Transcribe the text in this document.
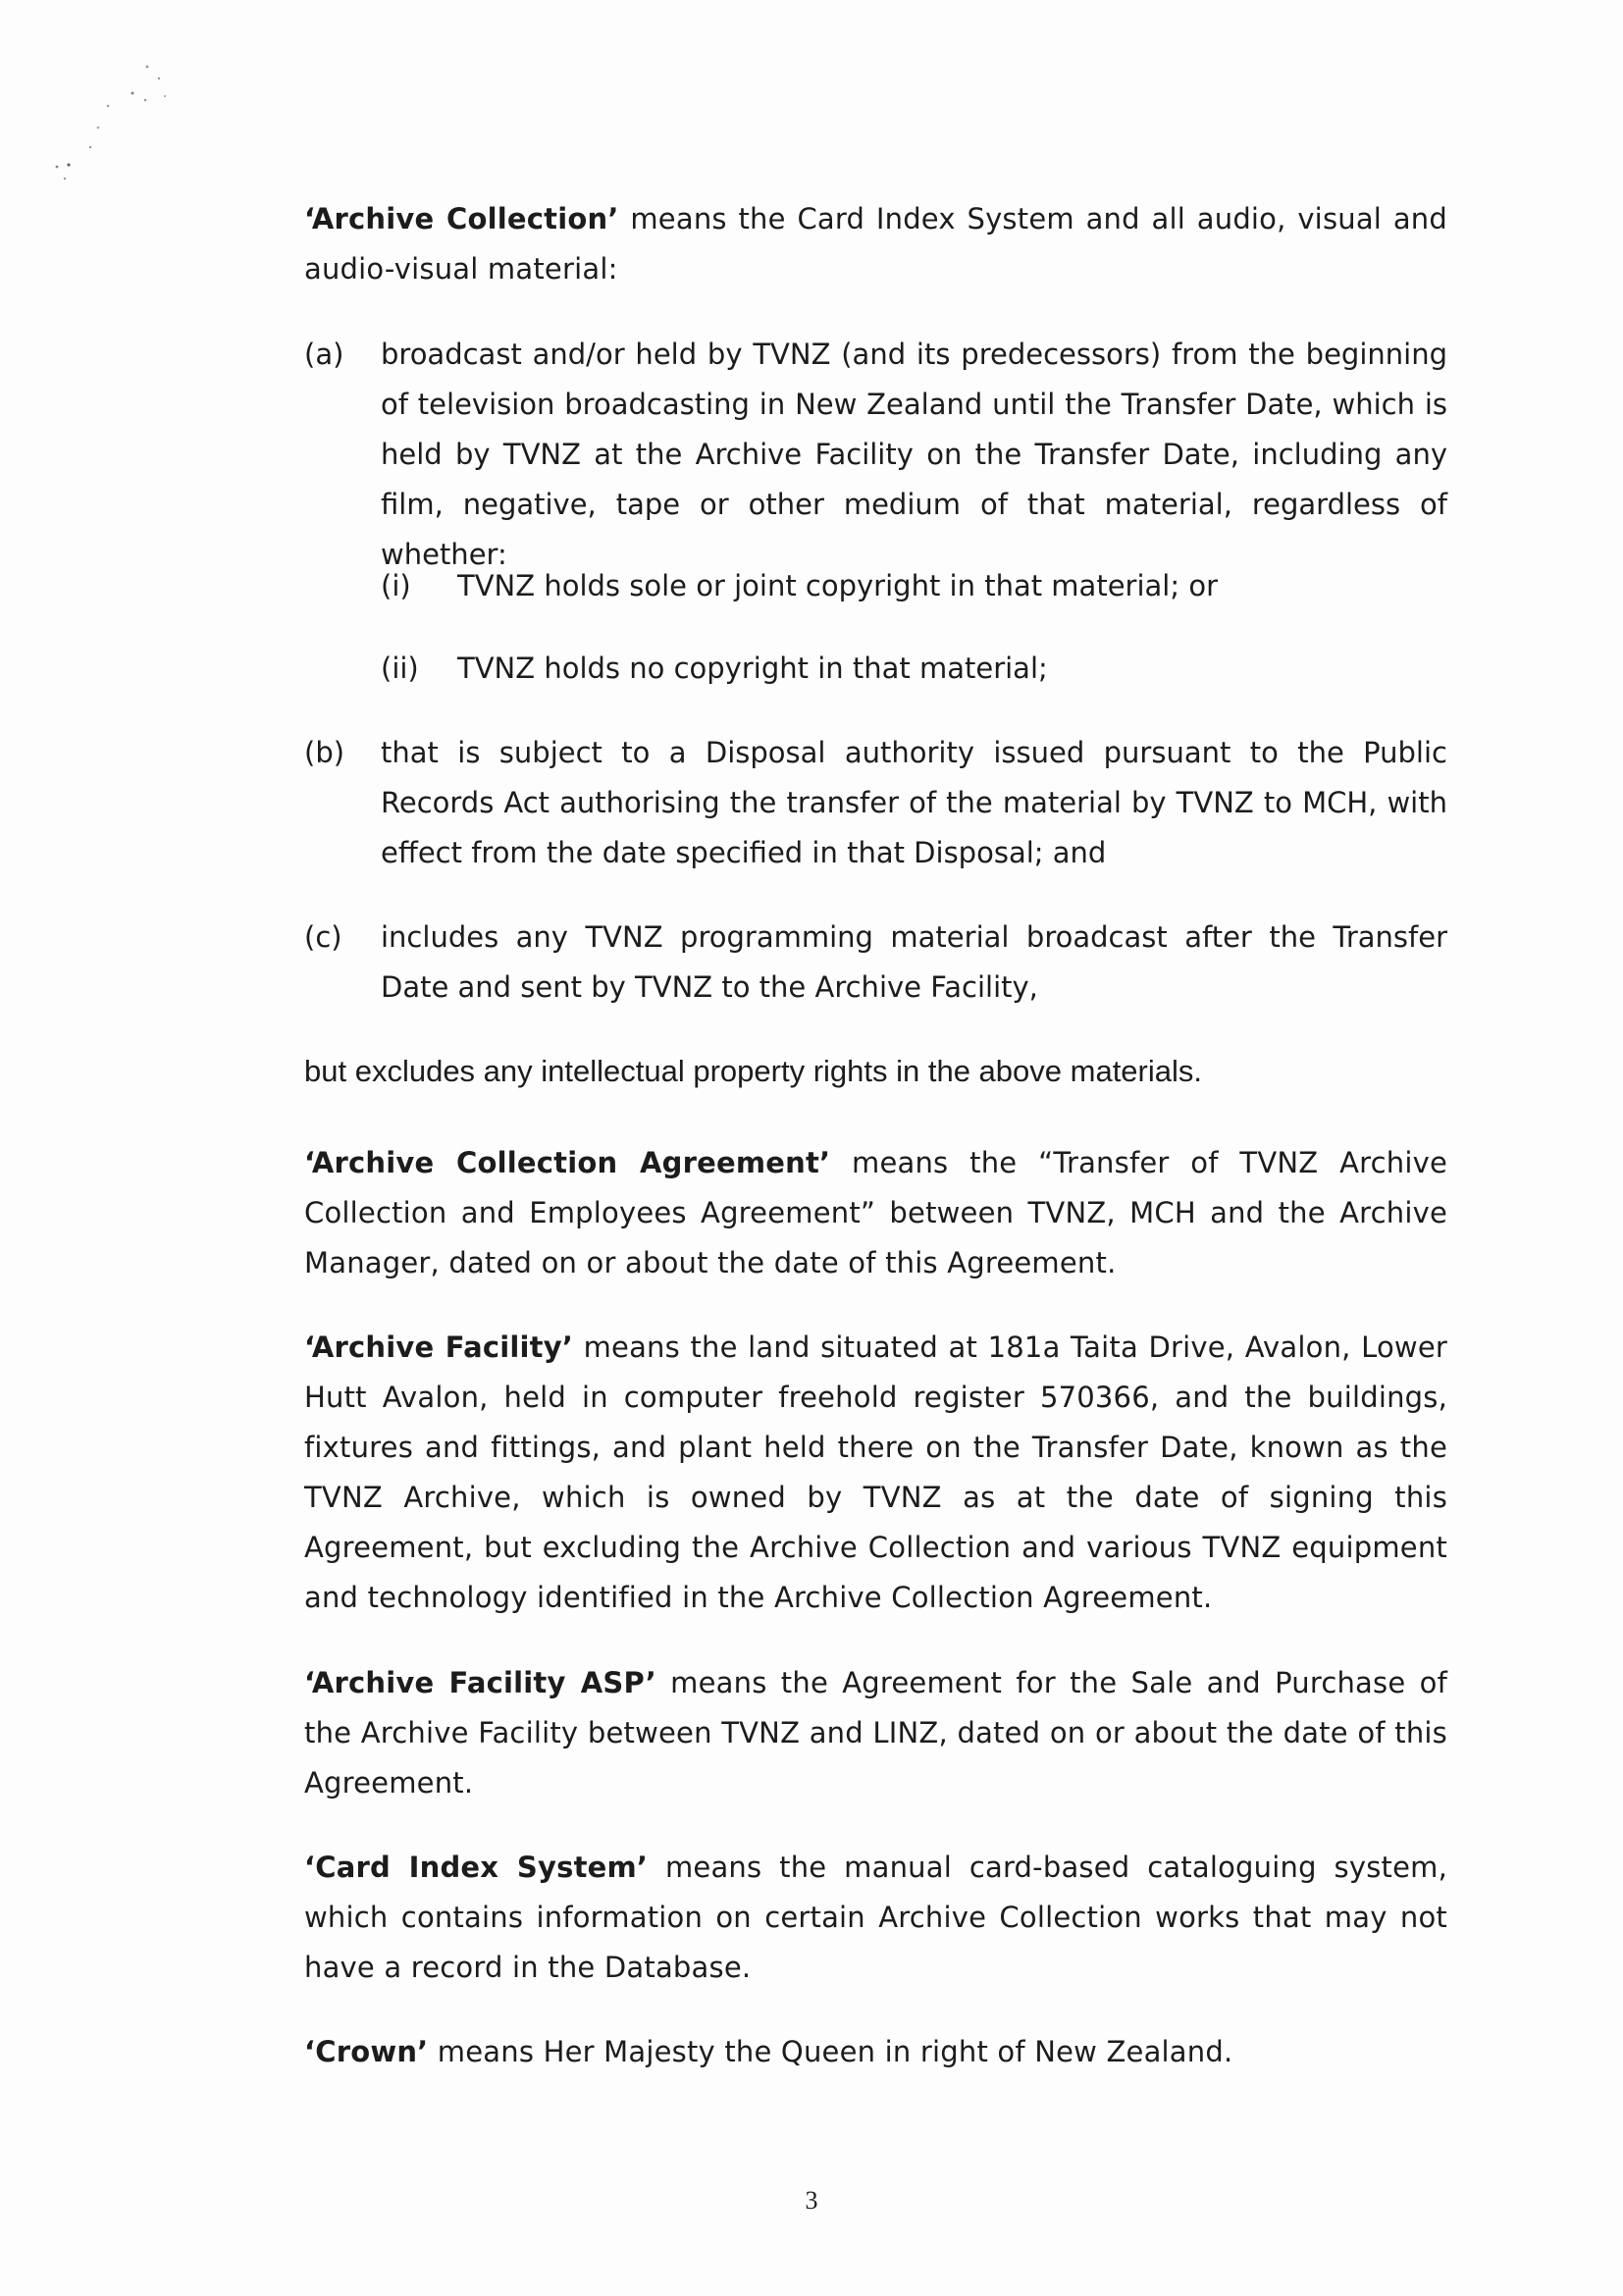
‘Archive Collection’ means the Card Index System and all audio, visual and audio-visual material:
(a) broadcast and/or held by TVNZ (and its predecessors) from the beginning of television broadcasting in New Zealand until the Transfer Date, which is held by TVNZ at the Archive Facility on the Transfer Date, including any film, negative, tape or other medium of that material, regardless of whether:
(i) TVNZ holds sole or joint copyright in that material; or
(ii) TVNZ holds no copyright in that material;
(b) that is subject to a Disposal authority issued pursuant to the Public Records Act authorising the transfer of the material by TVNZ to MCH, with effect from the date specified in that Disposal; and
(c) includes any TVNZ programming material broadcast after the Transfer Date and sent by TVNZ to the Archive Facility,
but excludes any intellectual property rights in the above materials.
‘Archive Collection Agreement’ means the “Transfer of TVNZ Archive Collection and Employees Agreement” between TVNZ, MCH and the Archive Manager, dated on or about the date of this Agreement.
‘Archive Facility’ means the land situated at 181a Taita Drive, Avalon, Lower Hutt Avalon, held in computer freehold register 570366, and the buildings, fixtures and fittings, and plant held there on the Transfer Date, known as the TVNZ Archive, which is owned by TVNZ as at the date of signing this Agreement, but excluding the Archive Collection and various TVNZ equipment and technology identified in the Archive Collection Agreement.
‘Archive Facility ASP’ means the Agreement for the Sale and Purchase of the Archive Facility between TVNZ and LINZ, dated on or about the date of this Agreement.
‘Card Index System’ means the manual card-based cataloguing system, which contains information on certain Archive Collection works that may not have a record in the Database.
‘Crown’ means Her Majesty the Queen in right of New Zealand.
3
